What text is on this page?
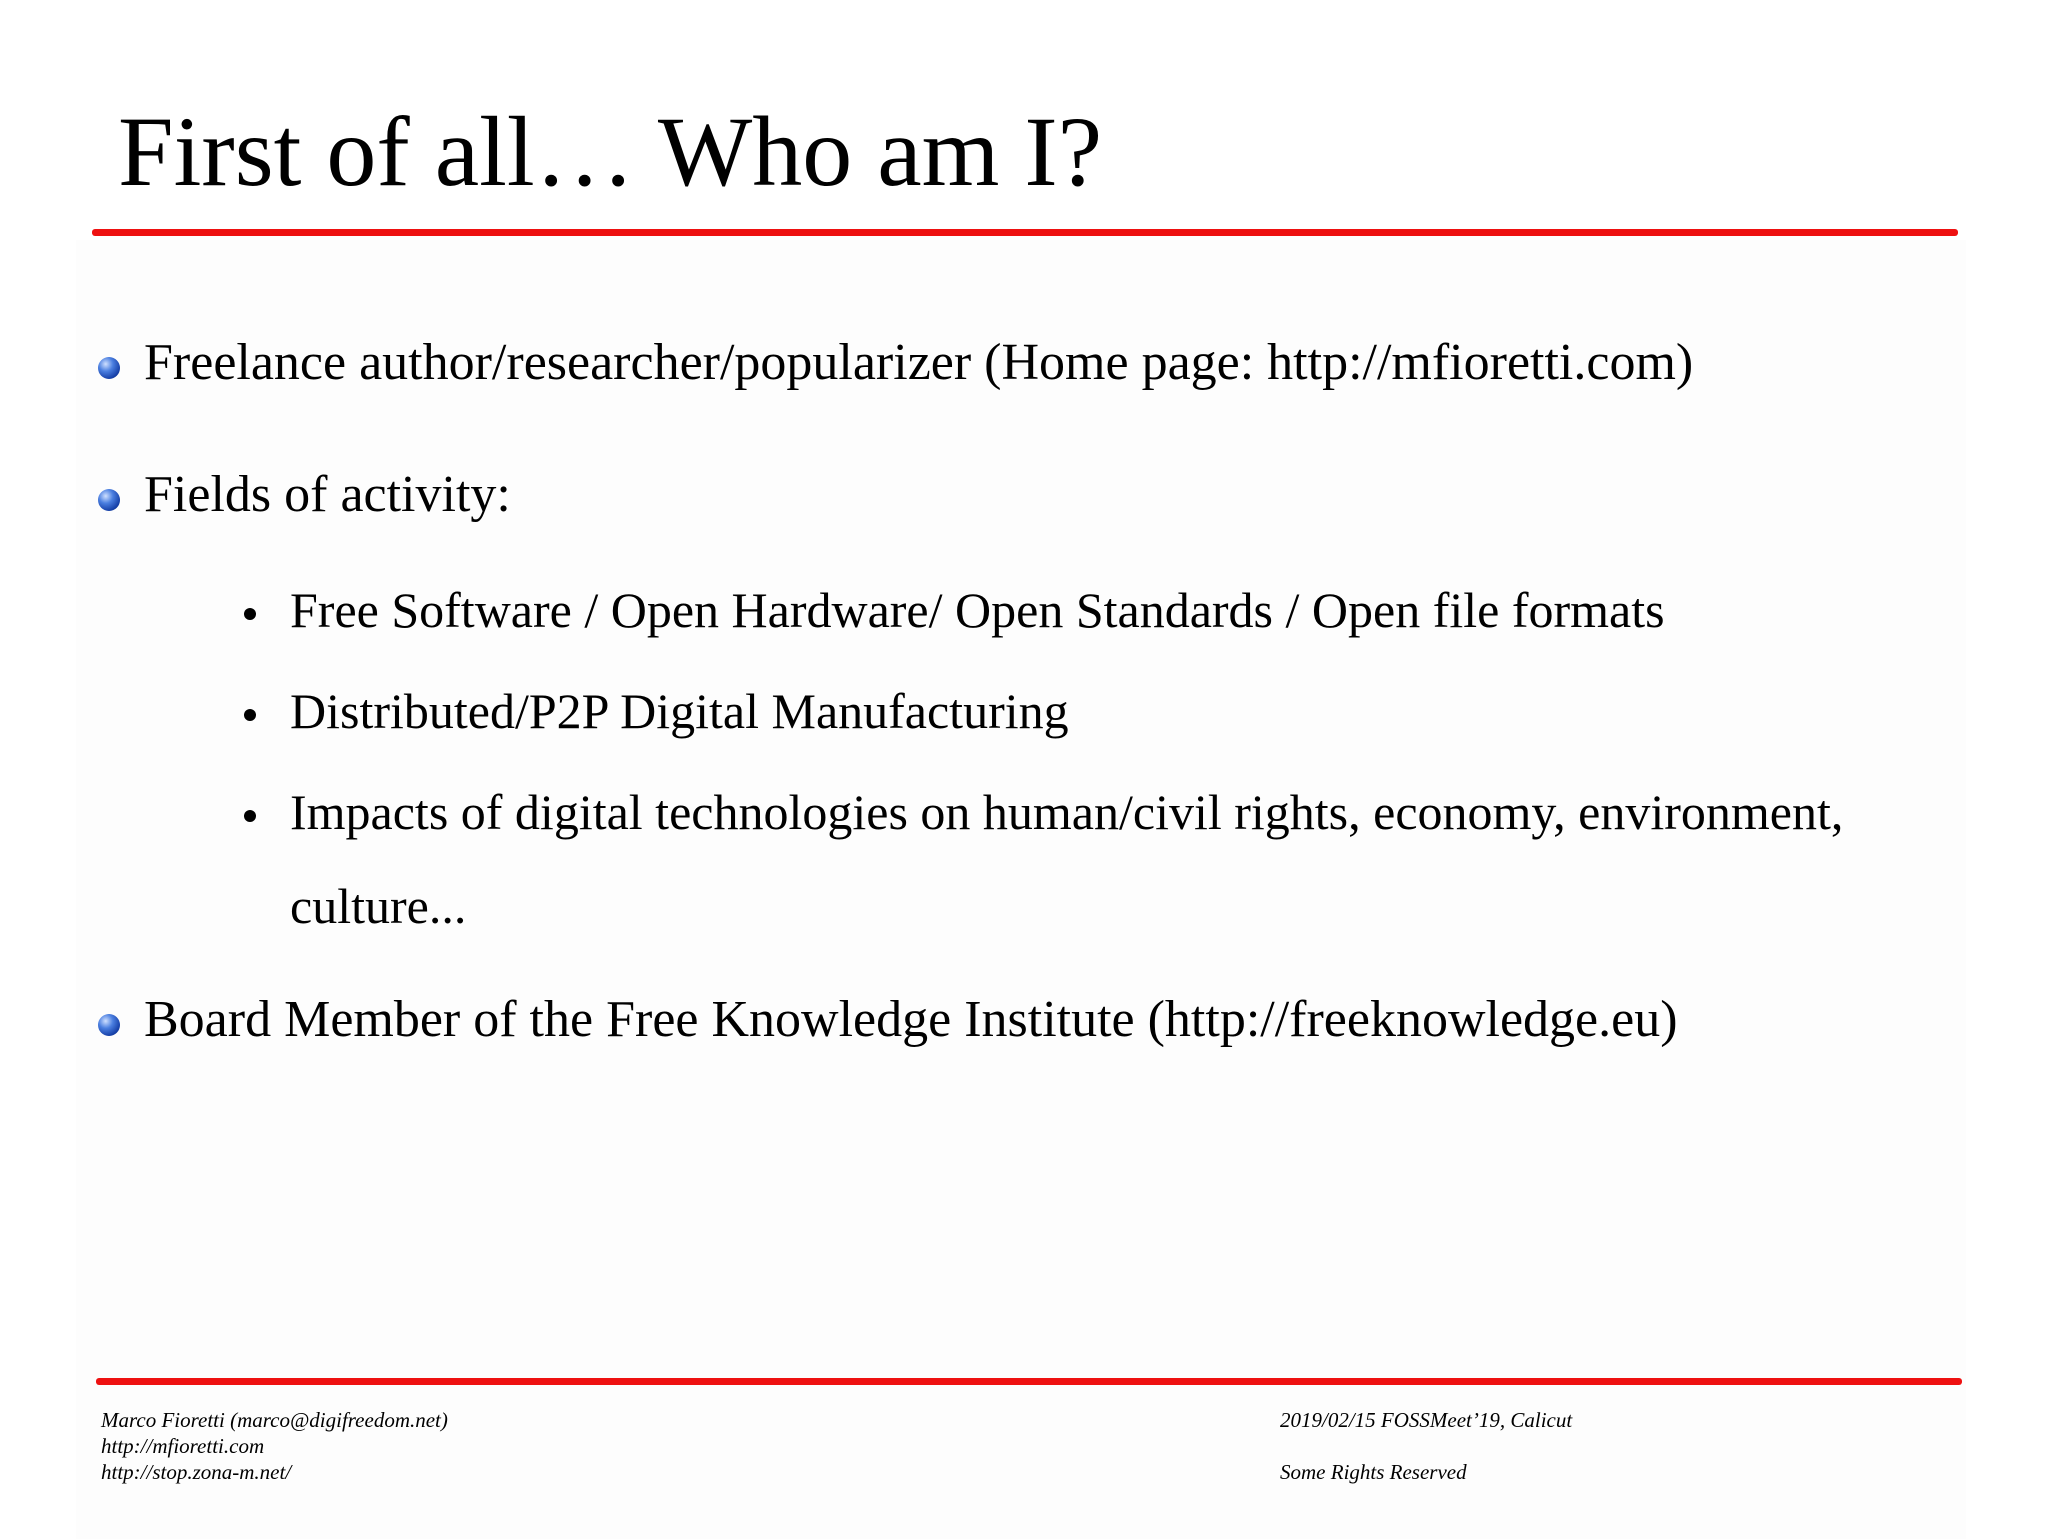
First of all… Who am I?
Freelance author/researcher/popularizer (Home page: http://mfioretti.com)
Fields of activity:
Free Software / Open Hardware/ Open Standards / Open file formats
Distributed/P2P Digital Manufacturing
Impacts of digital technologies on human/civil rights, economy, environment, culture...
Board Member of the Free Knowledge Institute (http://freeknowledge.eu)
Marco Fioretti (marco@digifreedom.net)
http://mfioretti.com
http://stop.zona-m.net/
2019/02/15 FOSSMeet’19, Calicut
Some Rights Reserved
